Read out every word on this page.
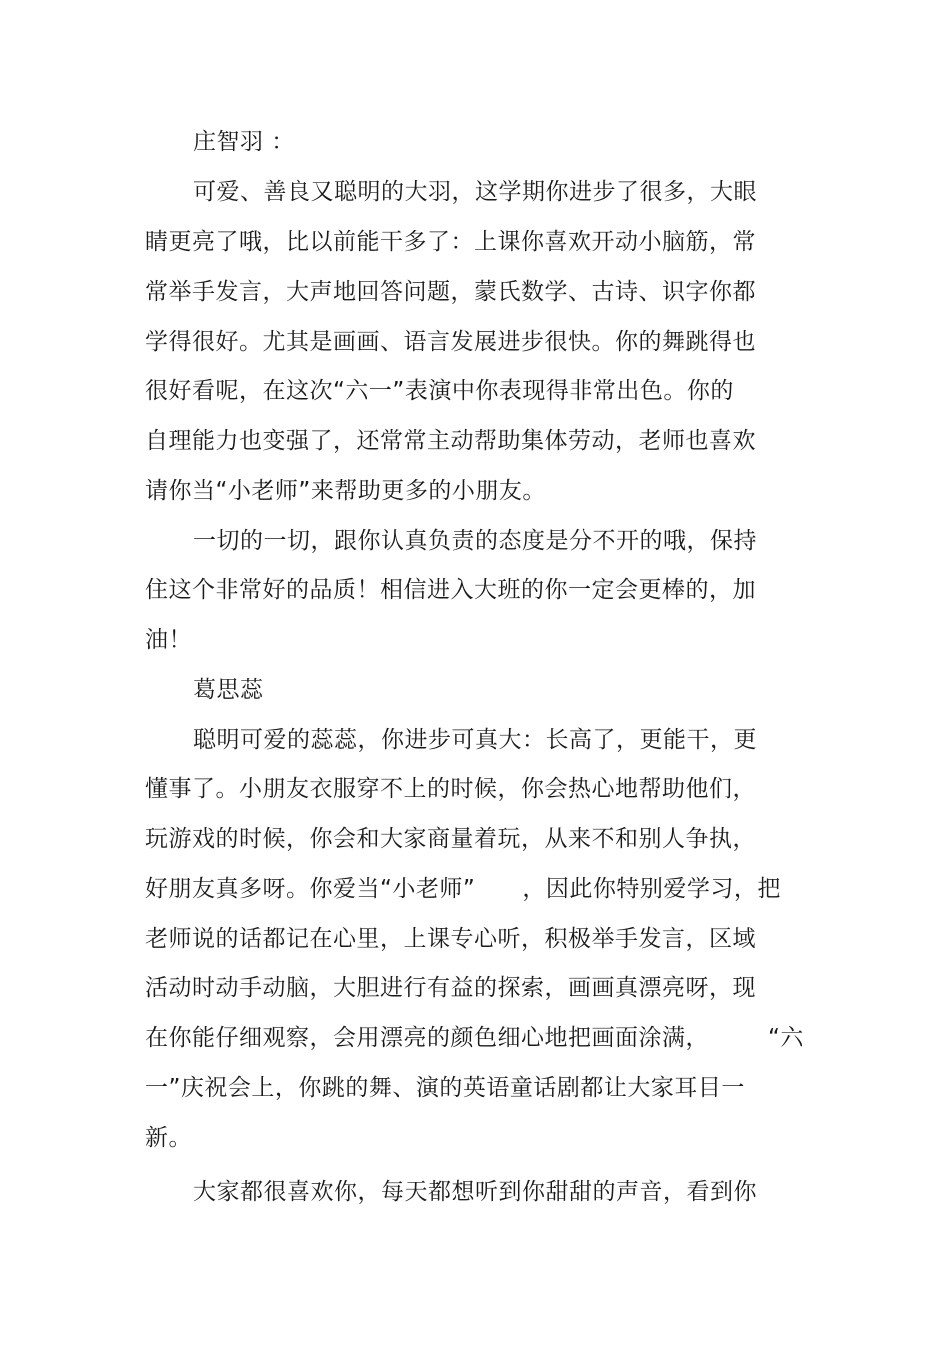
庄智羽 ：
可爱、善良又聪明的大羽，这学期你进步了很多，大眼
睛更亮了哦，比以前能干多了：上课你喜欢开动小脑筋，常
常举手发言，大声地回答问题，蒙氏数学、古诗、识字你都
学得很好。尤其是画画、语言发展进步很快。你的舞跳得也
很好看呢，在这次“六一”表演中你表现得非常出色。你的
自理能力也变强了，还常常主动帮助集体劳动，老师也喜欢
请你当“小老师”来帮助更多的小朋友。
一切的一切，跟你认真负责的态度是分不开的哦，保持
住这个非常好的品质！相信进入大班的你一定会更棒的，加
油！
葛思蕊
聪明可爱的蕊蕊，你进步可真大：长高了，更能干，更
懂事了。小朋友衣服穿不上的时候，你会热心地帮助他们，
玩游戏的时候，你会和大家商量着玩，从来不和别人争执，
好朋友真多呀。你爱当“小老师”　　，因此你特别爱学习，把
老师说的话都记在心里，上课专心听，积极举手发言，区域
活动时动手动脑，大胆进行有益的探索，画画真漂亮呀，现
在你能仔细观察，会用漂亮的颜色细心地把画面涂满，　　　“六
一”庆祝会上，你跳的舞、演的英语童话剧都让大家耳目一
新。
大家都很喜欢你，每天都想听到你甜甜的声音，看到你
